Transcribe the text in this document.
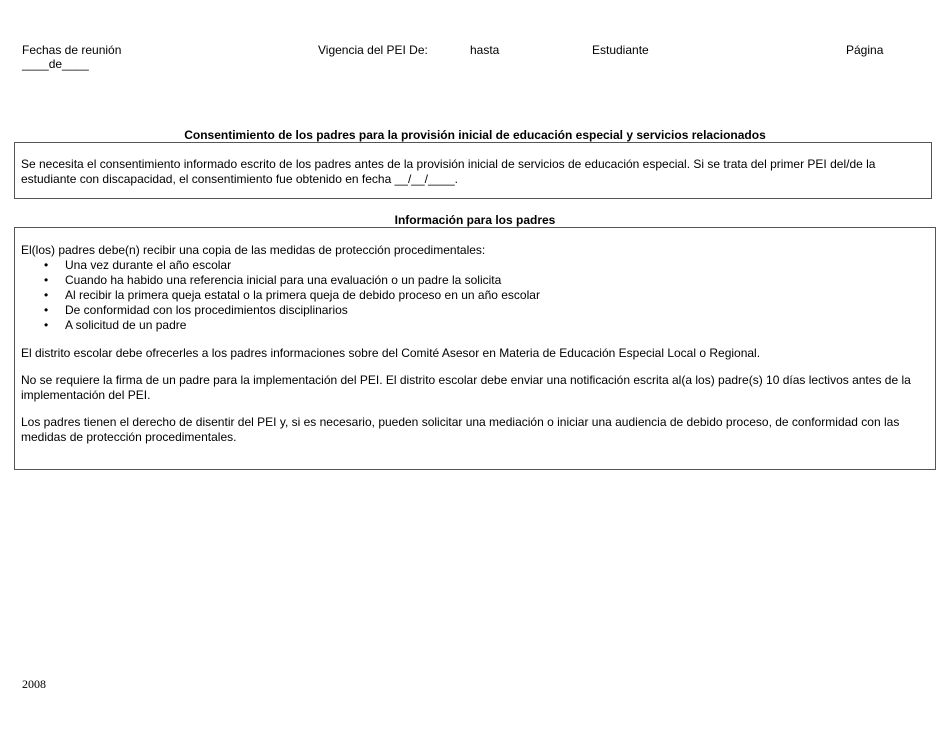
Fechas de reunión
____de____
Vigencia del PEI De:	hasta	Estudiante	Página
Consentimiento de los padres para la provisión inicial de educación especial y servicios relacionados

Se necesita el consentimiento informado escrito de los padres antes de la provisión inicial de servicios de educación especial. Si se trata del primer PEI del/de la estudiante con discapacidad, el consentimiento fue obtenido en fecha __/__/____.

Información para los padres

El(los) padres debe(n) recibir una copia de las medidas de protección procedimentales:

• Una vez durante el año escolar
• Cuando ha habido una referencia inicial para una evaluación o un padre la solicita
• Al recibir la primera queja estatal o la primera queja de debido proceso en un año escolar
• De conformidad con los procedimientos disciplinarios
• A solicitud de un padre

El distrito escolar debe ofrecerles a los padres informaciones sobre del Comité Asesor en Materia de Educación Especial Local o Regional.

No se requiere la firma de un padre para la implementación del PEI. El distrito escolar debe enviar una notificación escrita al(a los) padre(s) 10 días lectivos antes de la implementación del PEI.

Los padres tienen el derecho de disentir del PEI y, si es necesario, pueden solicitar una mediación o iniciar una audiencia de debido proceso, de conformidad con las medidas de protección procedimentales.

2008
